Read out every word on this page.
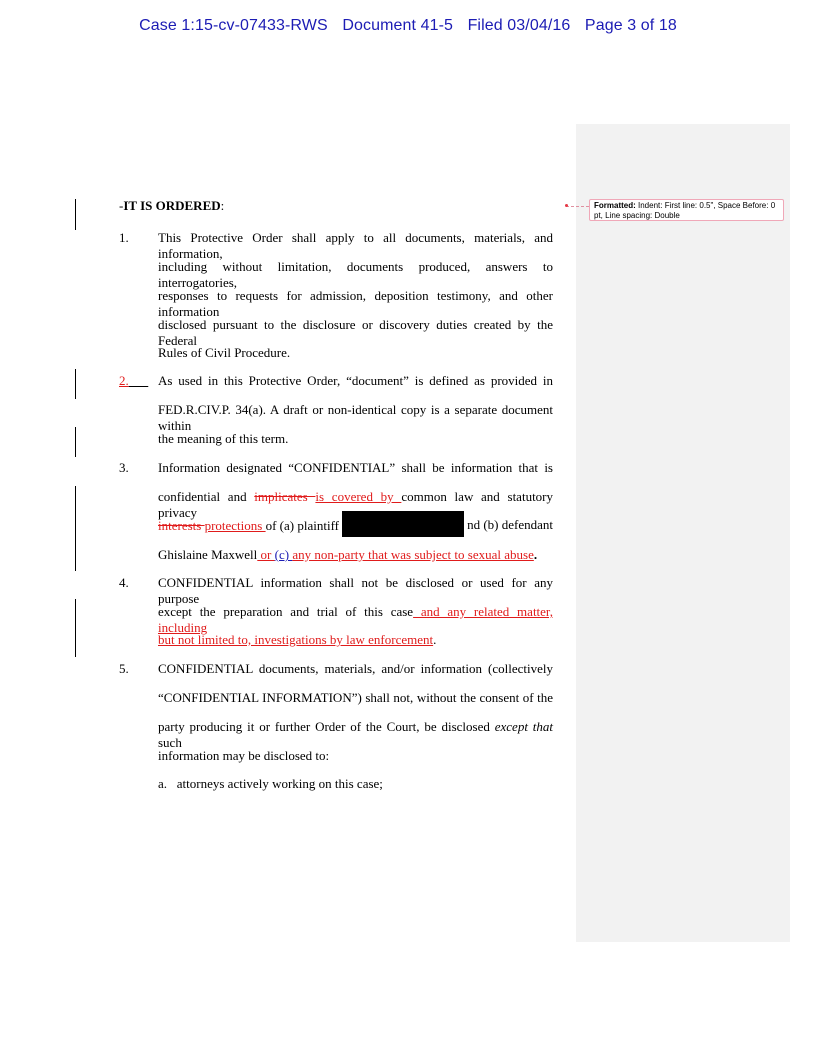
Case 1:15-cv-07433-RWS Document 41-5 Filed 03/04/16 Page 3 of 18
Formatted: Indent: First line: 0.5", Space Before: 0 pt, Line spacing: Double
-IT IS ORDERED:
1. This Protective Order shall apply to all documents, materials, and information,
including without limitation, documents produced, answers to interrogatories,
responses to requests for admission, deposition testimony, and other information
disclosed pursuant to the disclosure or discovery duties created by the Federal
Rules of Civil Procedure.
2.	As used in this Protective Order, “document” is defined as provided in
FED.R.CIV.P. 34(a). A draft or non-identical copy is a separate document within
the meaning of this term.
3. Information designated “CONFIDENTIAL” shall be information that is
confidential and implicates is covered by common law and statutory privacy
interests protections of (a) plaintiff	nd (b) defendant
Ghislaine Maxwell or (c) any non-party that was subject to sexual abuse.
4. CONFIDENTIAL information shall not be disclosed or used for any purpose
except the preparation and trial of this case and any related matter, including
but not limited to, investigations by law enforcement.
5. CONFIDENTIAL documents, materials, and/or information (collectively
“CONFIDENTIAL INFORMATION”) shall not, without the consent of the
party producing it or further Order of the Court, be disclosed except that such
information may be disclosed to:
a.   attorneys actively working on this case;
